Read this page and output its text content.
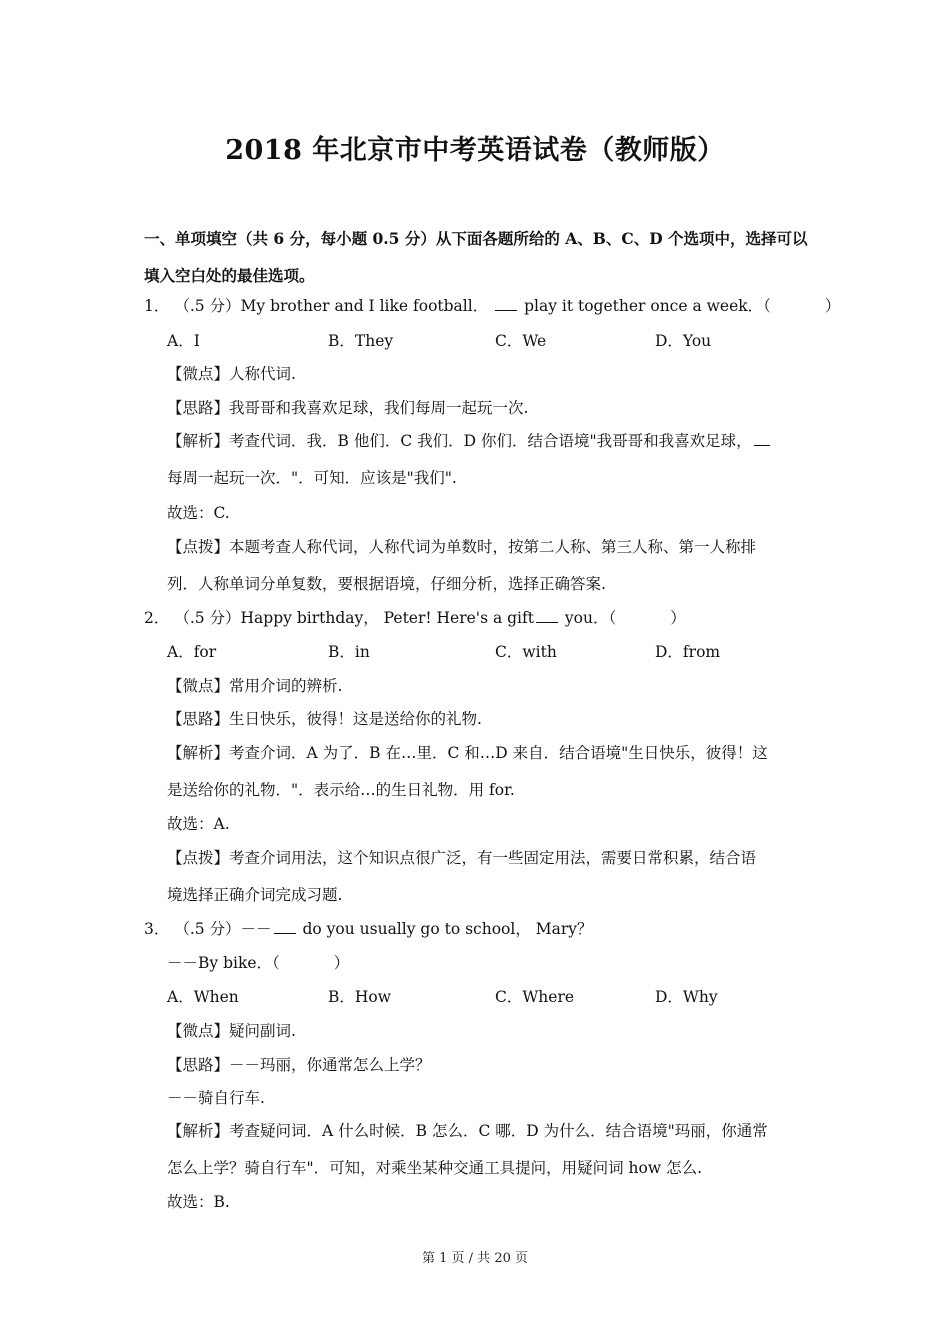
2018 年北京市中考英语试卷（教师版）
一、单项填空（共 6 分，每小题 0.5 分）从下面各题所给的 A、B、C、D 个选项中，选择可以填入空白处的最佳选项。
1． （.5 分）My brother and I like football． play it together once a week．（	）
A．I	B．They	C．We	D．You
【微点】人称代词.
【思路】我哥哥和我喜欢足球，我们每周一起玩一次.
【解析】考查代词．我．B 他们．C 我们．D 你们．结合语境"我哥哥和我喜欢足球，
每周一起玩一次．"．可知．应该是"我们".
故选：C.
【点拨】本题考查人称代词，人称代词为单数时，按第二人称、第三人称、第一人称排
列．人称单词分单复数，要根据语境，仔细分析，选择正确答案.
2． （.5 分）Happy birthday， Peter! Here's a gift you．（	）
A．for	B．in	C．with	D．from
【微点】常用介词的辨析.
【思路】生日快乐，彼得！这是送给你的礼物.
【解析】考查介词．A 为了．B 在…里．C 和…D 来自．结合语境"生日快乐，彼得！这
是送给你的礼物．"．表示给…的生日礼物．用 for.
故选：A.
【点拨】考查介词用法，这个知识点很广泛，有一些固定用法，需要日常积累，结合语
境选择正确介词完成习题.
3． （.5 分）－－ do you usually go to school， Mary？
－－By bike．（	）
A．When	B．How	C．Where	D．Why
【微点】疑问副词.
【思路】－－玛丽，你通常怎么上学？
－－骑自行车.
【解析】考查疑问词．A 什么时候．B 怎么．C 哪．D 为什么．结合语境"玛丽，你通常
怎么上学？骑自行车"．可知，对乘坐某种交通工具提问，用疑问词 how 怎么.
故选：B.
第 1 页 / 共 20 页
